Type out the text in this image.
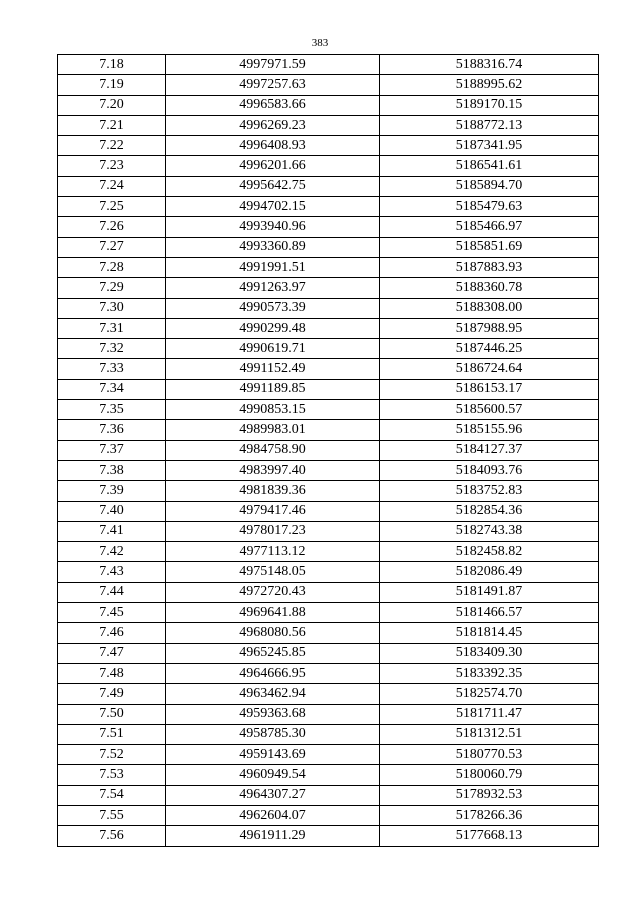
383
7.18	4997971.59	5188316.74
7.19	4997257.63	5188995.62
7.20	4996583.66	5189170.15
7.21	4996269.23	5188772.13
7.22	4996408.93	5187341.95
7.23	4996201.66	5186541.61
7.24	4995642.75	5185894.70
7.25	4994702.15	5185479.63
7.26	4993940.96	5185466.97
7.27	4993360.89	5185851.69
7.28	4991991.51	5187883.93
7.29	4991263.97	5188360.78
7.30	4990573.39	5188308.00
7.31	4990299.48	5187988.95
7.32	4990619.71	5187446.25
7.33	4991152.49	5186724.64
7.34	4991189.85	5186153.17
7.35	4990853.15	5185600.57
7.36	4989983.01	5185155.96
7.37	4984758.90	5184127.37
7.38	4983997.40	5184093.76
7.39	4981839.36	5183752.83
7.40	4979417.46	5182854.36
7.41	4978017.23	5182743.38
7.42	4977113.12	5182458.82
7.43	4975148.05	5182086.49
7.44	4972720.43	5181491.87
7.45	4969641.88	5181466.57
7.46	4968080.56	5181814.45
7.47	4965245.85	5183409.30
7.48	4964666.95	5183392.35
7.49	4963462.94	5182574.70
7.50	4959363.68	5181711.47
7.51	4958785.30	5181312.51
7.52	4959143.69	5180770.53
7.53	4960949.54	5180060.79
7.54	4964307.27	5178932.53
7.55	4962604.07	5178266.36
7.56	4961911.29	5177668.13
